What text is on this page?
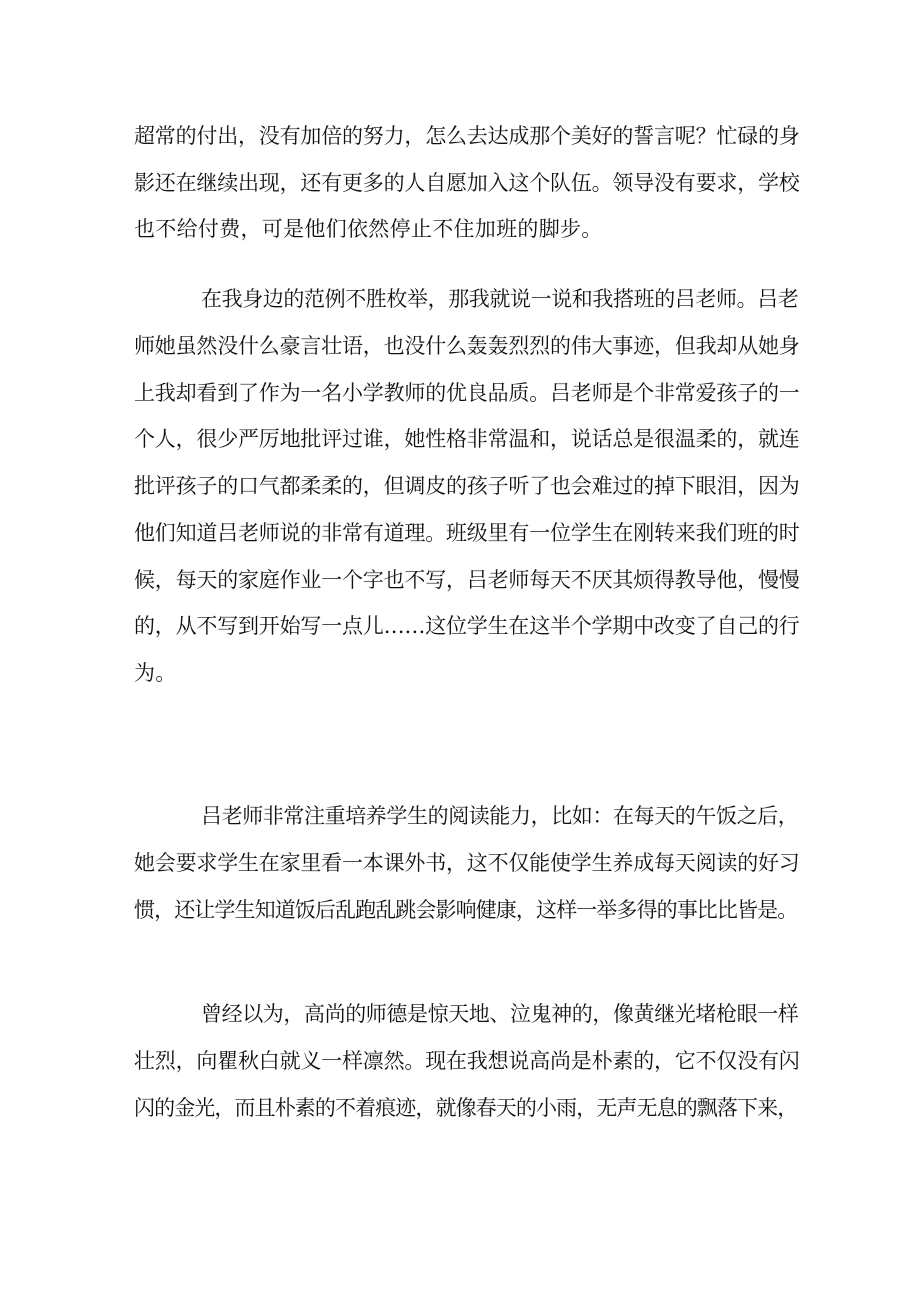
超常的付出，没有加倍的努力，怎么去达成那个美好的誓言呢？忙碌的身
影还在继续出现，还有更多的人自愿加入这个队伍。领导没有要求，学校
也不给付费，可是他们依然停止不住加班的脚步。
在我身边的范例不胜枚举，那我就说一说和我搭班的吕老师。吕老
师她虽然没什么豪言壮语，也没什么轰轰烈烈的伟大事迹，但我却从她身
上我却看到了作为一名小学教师的优良品质。吕老师是个非常爱孩子的一
个人，很少严厉地批评过谁，她性格非常温和，说话总是很温柔的，就连
批评孩子的口气都柔柔的，但调皮的孩子听了也会难过的掉下眼泪，因为
他们知道吕老师说的非常有道理。班级里有一位学生在刚转来我们班的时
候，每天的家庭作业一个字也不写，吕老师每天不厌其烦得教导他，慢慢
的，从不写到开始写一点儿……这位学生在这半个学期中改变了自己的行
为。
吕老师非常注重培养学生的阅读能力，比如：在每天的午饭之后，
她会要求学生在家里看一本课外书，这不仅能使学生养成每天阅读的好习
惯，还让学生知道饭后乱跑乱跳会影响健康，这样一举多得的事比比皆是。
曾经以为，高尚的师德是惊天地、泣鬼神的，像黄继光堵枪眼一样
壮烈，向瞿秋白就义一样凛然。现在我想说高尚是朴素的，它不仅没有闪
闪的金光，而且朴素的不着痕迹，就像春天的小雨，无声无息的飘落下来，
